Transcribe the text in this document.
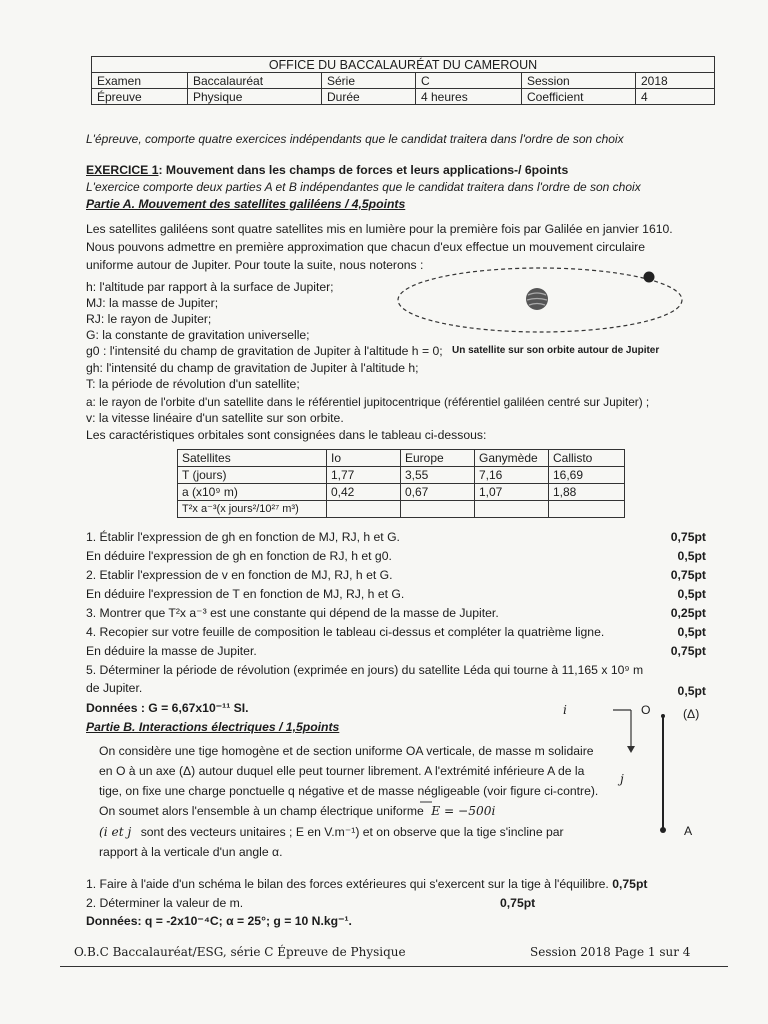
OFFICE DU BACCALAURÉAT DU CAMEROUN					
Examen	Baccalauréat	Série	C	Session	2018
Épreuve	Physique	Durée	4 heures	Coefficient	4
L'épreuve, comporte quatre exercices indépendants que le candidat traitera dans l'ordre de son choix
EXERCICE 1: Mouvement dans les champs de forces et leurs applications-/ 6points
L'exercice comporte deux parties A et B indépendantes que le candidat traitera dans l'ordre de son choix
Partie A. Mouvement des satellites galiléens / 4,5points
Les satellites galiléens sont quatre satellites mis en lumière pour la première fois par Galilée en janvier 1610.
Nous pouvons admettre en première approximation que chacun d'eux effectue un mouvement circulaire
uniforme autour de Jupiter. Pour toute la suite, nous noterons :
h: l'altitude par rapport à la surface de Jupiter;
MJ: la masse de Jupiter;
RJ: le rayon de Jupiter;
G: la constante de gravitation universelle;
g0 : l'intensité du champ de gravitation de Jupiter à l'altitude h = 0;
gh: l'intensité du champ de gravitation de Jupiter à l'altitude h;
T: la période de révolution d'un satellite;
a: le rayon de l'orbite d'un satellite dans le référentiel jupitocentrique (référentiel galiléen centré sur Jupiter) ;
v: la vitesse linéaire d'un satellite sur son orbite.
Les caractéristiques orbitales sont consignées dans le tableau ci-dessous:
Un satellite sur son orbite autour de Jupiter
Satellites	Io	Europe	Ganymède	Callisto
T (jours)	1,77	3,55	7,16	16,69
a (x10⁹ m)	0,42	0,67	1,07	1,88
T²x a⁻³(x jours²/10²⁷ m³)				
1. Établir l'expression de gh en fonction de MJ, RJ, h et G.	0,75pt
En déduire l'expression de gh en fonction de RJ, h et g0.	0,5pt
2. Etablir l'expression de v en fonction de MJ, RJ, h et G.	0,75pt
En déduire l'expression de T en fonction de MJ, RJ, h et G.	0,5pt
3. Montrer que T²x a⁻³ est une constante qui dépend de la masse de Jupiter.	0,25pt
4. Recopier sur votre feuille de composition le tableau ci-dessus et compléter la quatrième ligne.	0,5pt
En déduire la masse de Jupiter.	0,75pt
5. Déterminer la période de révolution (exprimée en jours) du satellite Léda qui tourne à 11,165 x 10⁹ m
de Jupiter.	0,5pt
Données : G = 6,67x10⁻¹¹ SI.
Partie B. Interactions électriques / 1,5points
On considère une tige homogène et de section uniforme OA verticale, de masse m solidaire
en O à un axe (Δ) autour duquel elle peut tourner librement. A l'extrémité inférieure A de la
tige, on fixe une charge ponctuelle q négative et de masse négligeable (voir figure ci-contre).
On soumet alors l'ensemble à un champ électrique uniforme E = −500i
(i et j sont des vecteurs unitaires ; E en V.m⁻¹) et on observe que la tige s'incline par
rapport à la verticale d'un angle α.
i
j
O	(Δ)
A
1. Faire à l'aide d'un schéma le bilan des forces extérieures qui s'exercent sur la tige à l'équilibre. 0,75pt
2. Déterminer la valeur de m.	0,75pt
Données: q = -2x10⁻⁴C; α = 25°; g = 10 N.kg⁻¹.
O.B.C Baccalauréat/ESG, série C Épreuve de Physique	Session 2018 Page 1 sur 4
